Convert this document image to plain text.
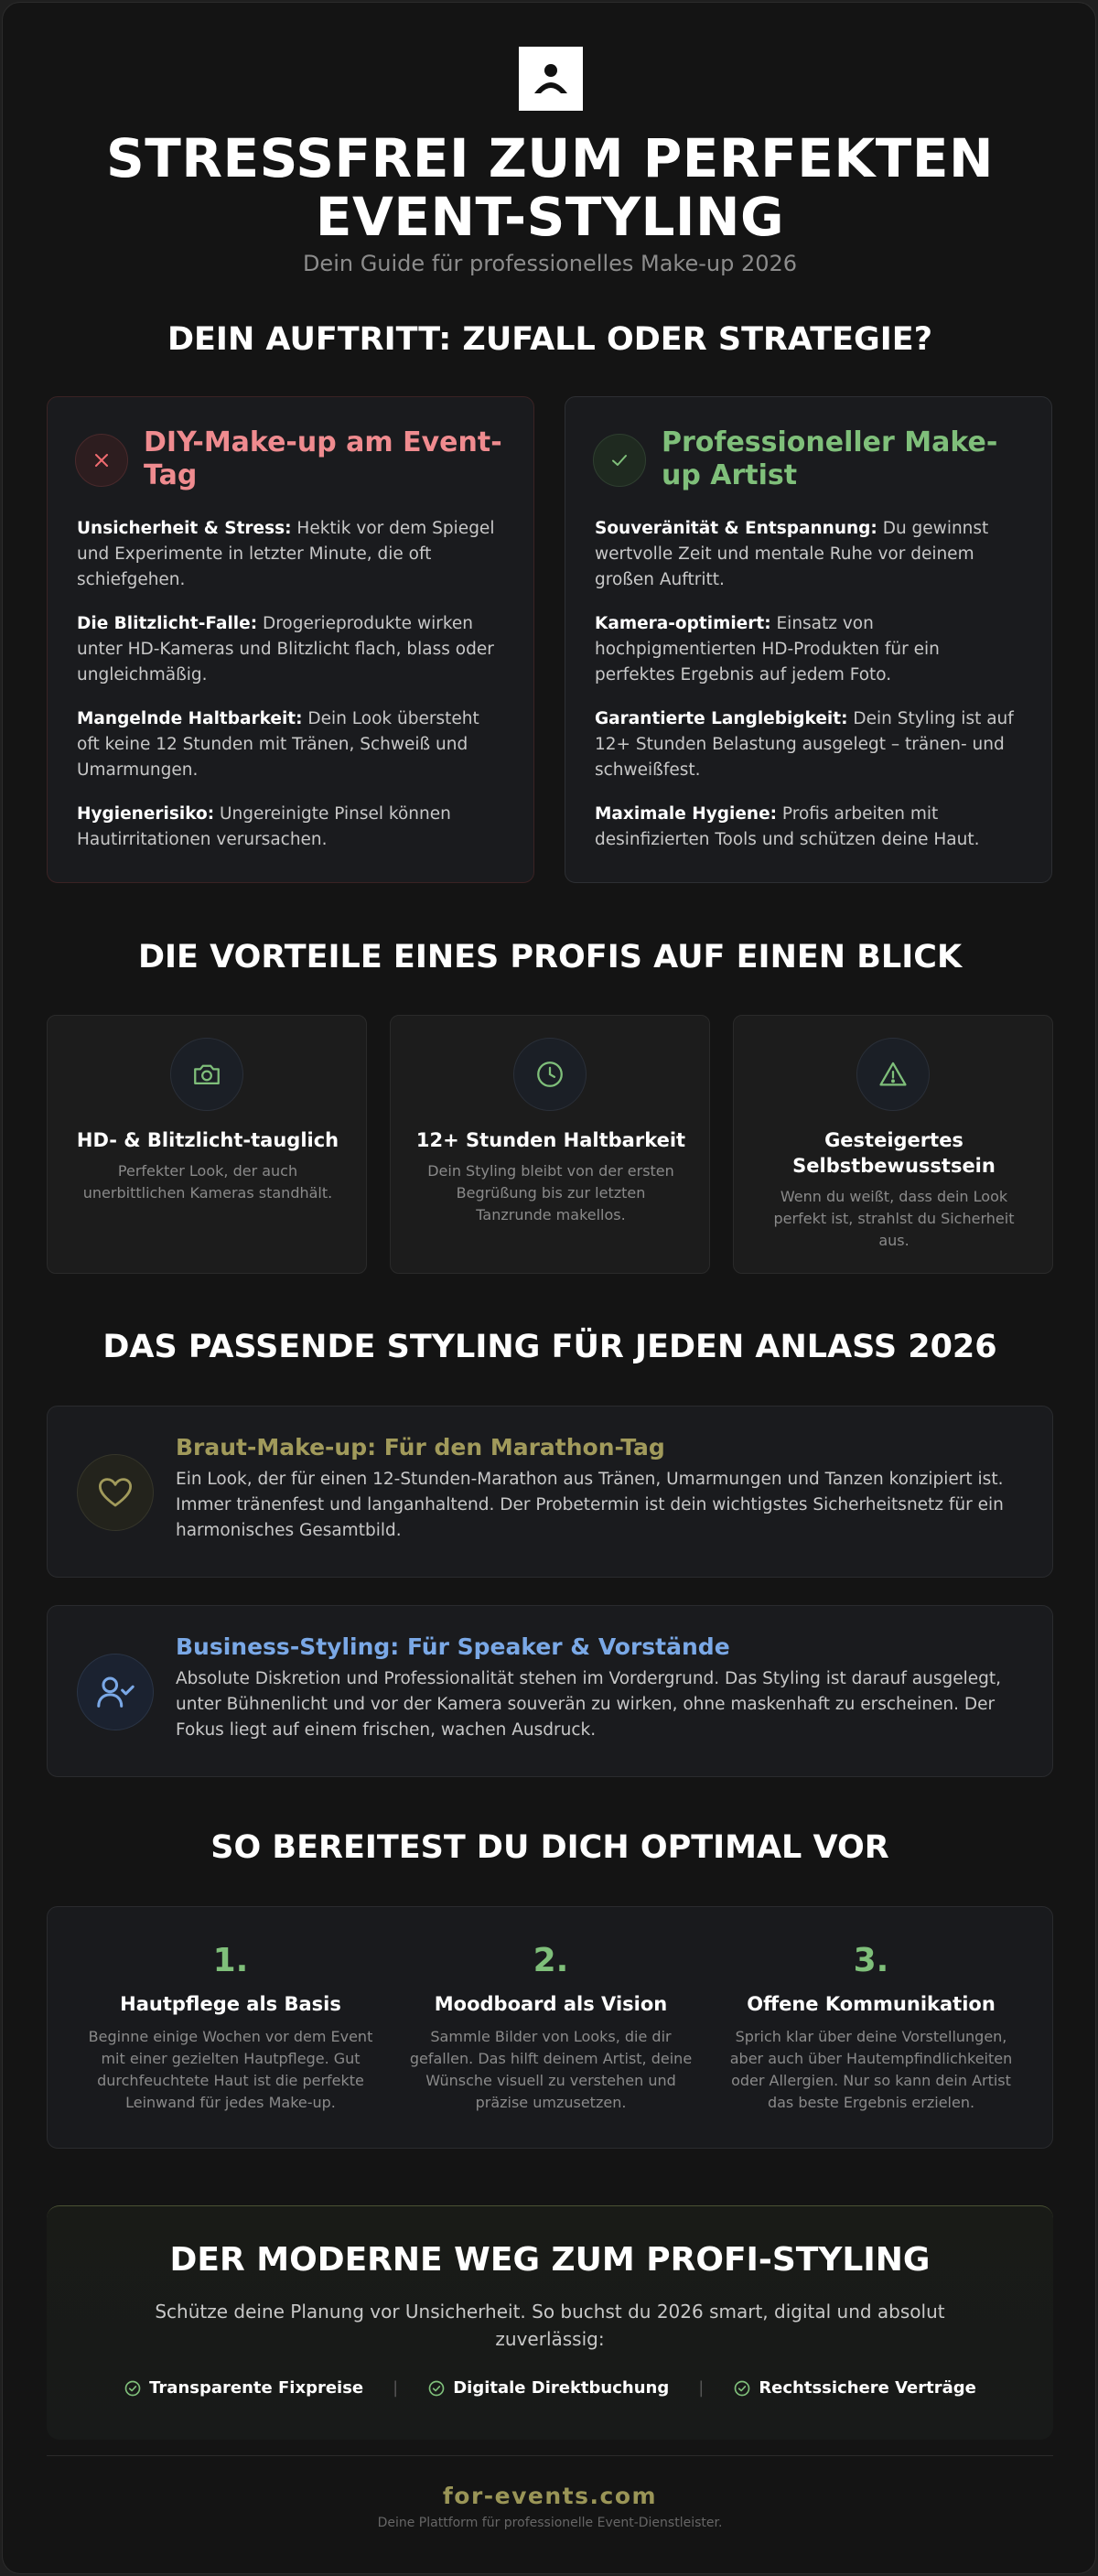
STRESSFREI ZUM PERFEKTEN
EVENT-STYLING
Dein Guide für professionelles Make-up 2026
DEIN AUFTRITT: ZUFALL ODER STRATEGIE?
DIY-Make-up am Event-Tag
Unsicherheit & Stress: Hektik vor dem Spiegel und Experimente in letzter Minute, die oft schiefgehen.
Die Blitzlicht-Falle: Drogerieprodukte wirken unter HD-Kameras und Blitzlicht flach, blass oder ungleichmäßig.
Mangelnde Haltbarkeit: Dein Look übersteht oft keine 12 Stunden mit Tränen, Schweiß und Umarmungen.
Hygienerisiko: Ungereinigte Pinsel können Hautirritationen verursachen.
Professioneller Make-up Artist
Souveränität & Entspannung: Du gewinnst wertvolle Zeit und mentale Ruhe vor deinem großen Auftritt.
Kamera-optimiert: Einsatz von hochpigmentierten HD-Produkten für ein perfektes Ergebnis auf jedem Foto.
Garantierte Langlebigkeit: Dein Styling ist auf 12+ Stunden Belastung ausgelegt – tränen- und schweißfest.
Maximale Hygiene: Profis arbeiten mit desinfizierten Tools und schützen deine Haut.
DIE VORTEILE EINES PROFIS AUF EINEN BLICK
HD- & Blitzlicht-tauglich
Perfekter Look, der auch unerbittlichen Kameras standhält.
12+ Stunden Haltbarkeit
Dein Styling bleibt von der ersten Begrüßung bis zur letzten Tanzrunde makellos.
Gesteigertes Selbstbewusstsein
Wenn du weißt, dass dein Look perfekt ist, strahlst du Sicherheit aus.
DAS PASSENDE STYLING FÜR JEDEN ANLASS 2026
Braut-Make-up: Für den Marathon-Tag
Ein Look, der für einen 12-Stunden-Marathon aus Tränen, Umarmungen und Tanzen konzipiert ist. Immer tränenfest und langanhaltend. Der Probetermin ist dein wichtigstes Sicherheitsnetz für ein harmonisches Gesamtbild.
Business-Styling: Für Speaker & Vorstände
Absolute Diskretion und Professionalität stehen im Vordergrund. Das Styling ist darauf ausgelegt, unter Bühnenlicht und vor der Kamera souverän zu wirken, ohne maskenhaft zu erscheinen. Der Fokus liegt auf einem frischen, wachen Ausdruck.
SO BEREITEST DU DICH OPTIMAL VOR
1.
Hautpflege als Basis
Beginne einige Wochen vor dem Event mit einer gezielten Hautpflege. Gut durchfeuchtete Haut ist die perfekte Leinwand für jedes Make-up.
2.
Moodboard als Vision
Sammle Bilder von Looks, die dir gefallen. Das hilft deinem Artist, deine Wünsche visuell zu verstehen und präzise umzusetzen.
3.
Offene Kommunikation
Sprich klar über deine Vorstellungen, aber auch über Hautempfindlichkeiten oder Allergien. Nur so kann dein Artist das beste Ergebnis erzielen.
DER MODERNE WEG ZUM PROFI-STYLING
Schütze deine Planung vor Unsicherheit. So buchst du 2026 smart, digital und absolut zuverlässig:
Transparente Fixpreise |	Digitale Direktbuchung |	Rechtssichere Verträge
for-events.com
Deine Plattform für professionelle Event-Dienstleister.
